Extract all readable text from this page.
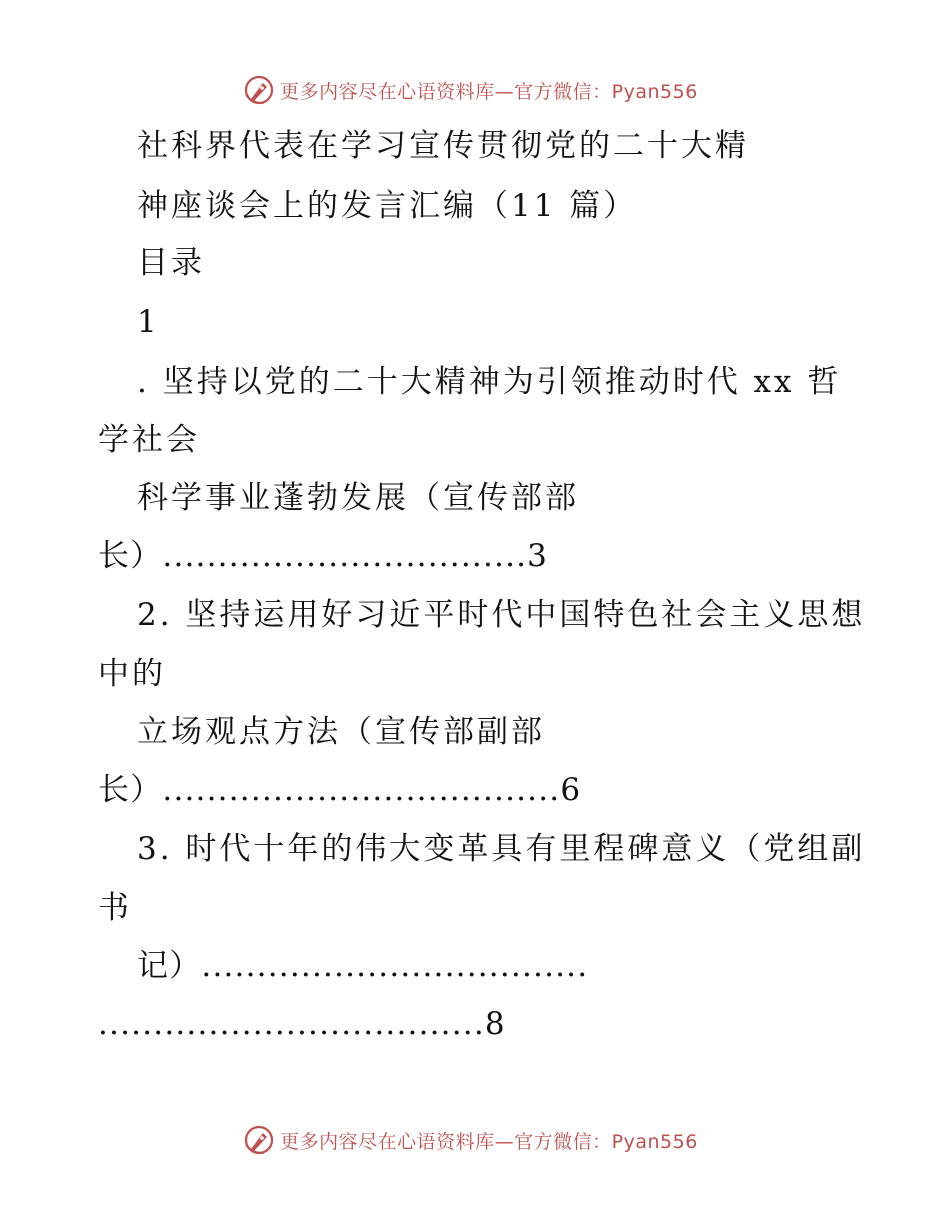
更多内容尽在心语资料库—官方微信：Pyan556
社科界代表在学习宣传贯彻党的二十大精
神座谈会上的发言汇编（11 篇）
目录
1
. 坚持以党的二十大精神为引领推动时代 xx 哲
学社会
科学事业蓬勃发展（宣传部部
长）.................................3
2. 坚持运用好习近平时代中国特色社会主义思想
中的
立场观点方法（宣传部副部
长）....................................6
3. 时代十年的伟大变革具有里程碑意义（党组副
书
记）...................................
...................................8
更多内容尽在心语资料库—官方微信：Pyan556
